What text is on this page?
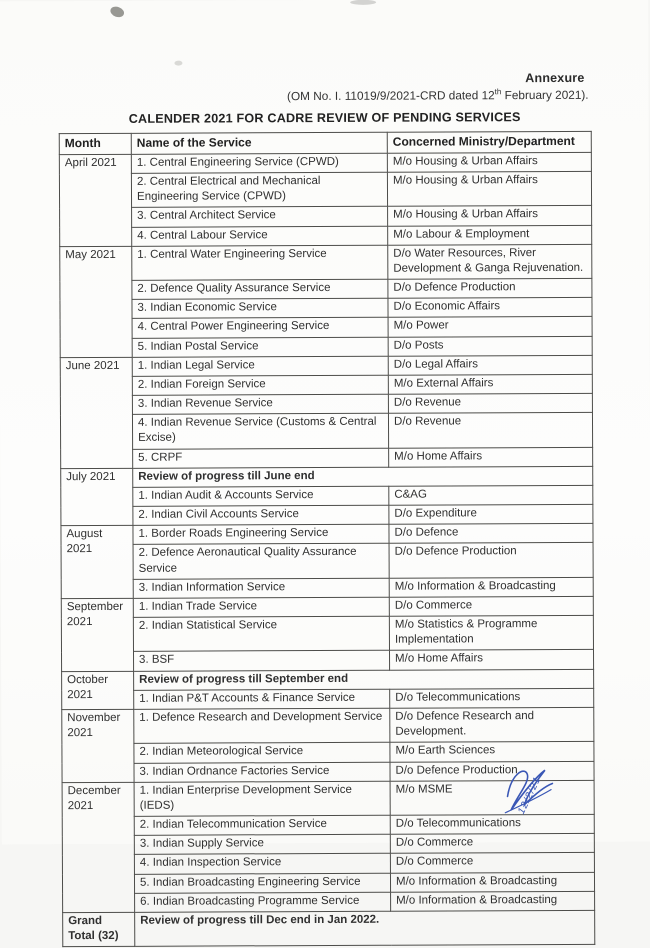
Annexure
(OM No. I. 11019/9/2021-CRD dated 12th February 2021).
CALENDER 2021 FOR CADRE REVIEW OF PENDING SERVICES
Month	Name of the Service	Concerned Ministry/Department
April 2021	1. Central Engineering Service (CPWD)	M/o Housing & Urban Affairs
	2. Central Electrical and Mechanical Engineering Service (CPWD)	M/o Housing & Urban Affairs
	3. Central Architect Service	M/o Housing & Urban Affairs
	4. Central Labour Service	M/o Labour & Employment
May 2021	1. Central Water Engineering Service	D/o Water Resources, River Development & Ganga Rejuvenation.
	2. Defence Quality Assurance Service	D/o Defence Production
	3. Indian Economic Service	D/o Economic Affairs
	4. Central Power Engineering Service	M/o Power
	5. Indian Postal Service	D/o Posts
June 2021	1. Indian Legal Service	D/o Legal Affairs
	2. Indian Foreign Service	M/o External Affairs
	3. Indian Revenue Service	D/o Revenue
	4. Indian Revenue Service (Customs & Central Excise)	D/o Revenue
	5. CRPF	M/o Home Affairs
July 2021	Review of progress till June end	
	1. Indian Audit & Accounts Service	C&AG
	2. Indian Civil Accounts Service	D/o Expenditure
August 2021	1. Border Roads Engineering Service	D/o Defence
	2. Defence Aeronautical Quality Assurance Service	D/o Defence Production
	3. Indian Information Service	M/o Information & Broadcasting
September 2021	1. Indian Trade Service	D/o Commerce
	2. Indian Statistical Service	M/o Statistics & Programme Implementation
	3. BSF	M/o Home Affairs
October 2021	Review of progress till September end	
	1. Indian P&T Accounts & Finance Service	D/o Telecommunications
November 2021	1. Defence Research and Development Service	D/o Defence Research and Development.
	2. Indian Meteorological Service	M/o Earth Sciences
	3. Indian Ordnance Factories Service	D/o Defence Production
December 2021	1. Indian Enterprise Development Service (IEDS)	M/o MSME
	2. Indian Telecommunication Service	D/o Telecommunications
	3. Indian Supply Service	D/o Commerce
	4. Indian Inspection Service	D/o Commerce
	5. Indian Broadcasting Engineering Service	M/o Information & Broadcasting
	6. Indian Broadcasting Programme Service	M/o Information & Broadcasting
Grand Total (32)	Review of progress till Dec end in Jan 2022.	
12/2/21
